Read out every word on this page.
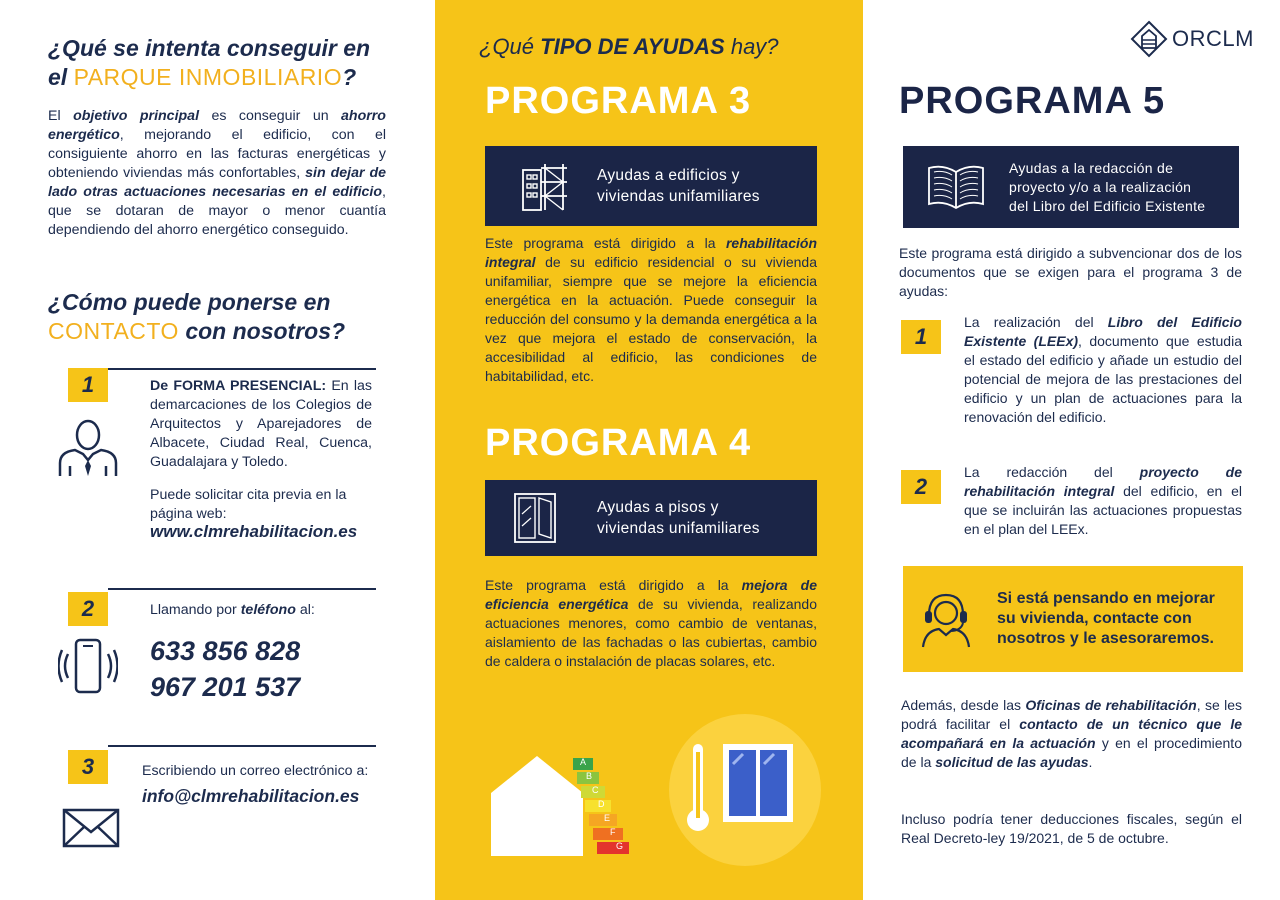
¿Qué se intenta conseguir en
el PARQUE INMOBILIARIO?

El objetivo principal es conseguir un ahorro energético, mejorando el edificio, con el consiguiente ahorro en las facturas energéticas y obteniendo viviendas más confortables, sin dejar de lado otras actuaciones necesarias en el edificio, que se dotaran de mayor o menor cuantía dependiendo del ahorro energético conseguido.

¿Cómo puede ponerse en
CONTACTO con nosotros?
1	De FORMA PRESENCIAL: En las demarcaciones de los Colegios de Arquitectos y Aparejadores de Albacete, Ciudad Real, Cuenca, Guadalajara y Toledo.

Puede solicitar cita previa en la página web:

www.clmrehabilitacion.es
2	Llamando por teléfono al:

633 856 828
967 201 537
3	Escribiendo un correo electrónico a:

info@clmrehabilitacion.es
¿Qué TIPO DE AYUDAS hay?
PROGRAMA 3
Ayudas a edificios y
viviendas unifamiliares

Este programa está dirigido a la rehabilitación integral de su edificio residencial o su vivienda unifamiliar, siempre que se mejore la eficiencia energética en la actuación. Puede conseguir la reducción del consumo y la demanda energética a la vez que mejora el estado de conservación, la accesibilidad al edificio, las condiciones de habitabilidad, etc.

PROGRAMA 4
Ayudas a pisos y
viviendas unifamiliares

Este programa está dirigido a la mejora de eficiencia energética de su vivienda, realizando actuaciones menores, como cambio de ventanas, aislamiento de las fachadas o las cubiertas, cambio de caldera o instalación de placas solares, etc.

A
B
C
D
E
F
G
ORCLM
PROGRAMA 5
Ayudas a la redacción de
proyecto y/o a la realización
del Libro del Edificio Existente

Este programa está dirigido a subvencionar dos de los documentos que se exigen para el programa 3 de ayudas:

1

La realización del Libro del Edificio Existente (LEEx), documento que estudia el estado del edificio y añade un estudio del potencial de mejora de las prestaciones del edificio y un plan de actuaciones para la renovación del edificio.

2

La redacción del proyecto de rehabilitación integral del edificio, en el que se incluirán las actuaciones propuestas en el plan del LEEx.

Si está pensando en mejorar
su vivienda, contacte con
nosotros y le asesoraremos.

Además, desde las Oficinas de rehabilitación, se les podrá facilitar el contacto de un técnico que le acompañará en la actuación y en el procedimiento de la solicitud de las ayudas.

Incluso podría tener deducciones fiscales, según el Real Decreto-ley 19/2021, de 5 de octubre.
